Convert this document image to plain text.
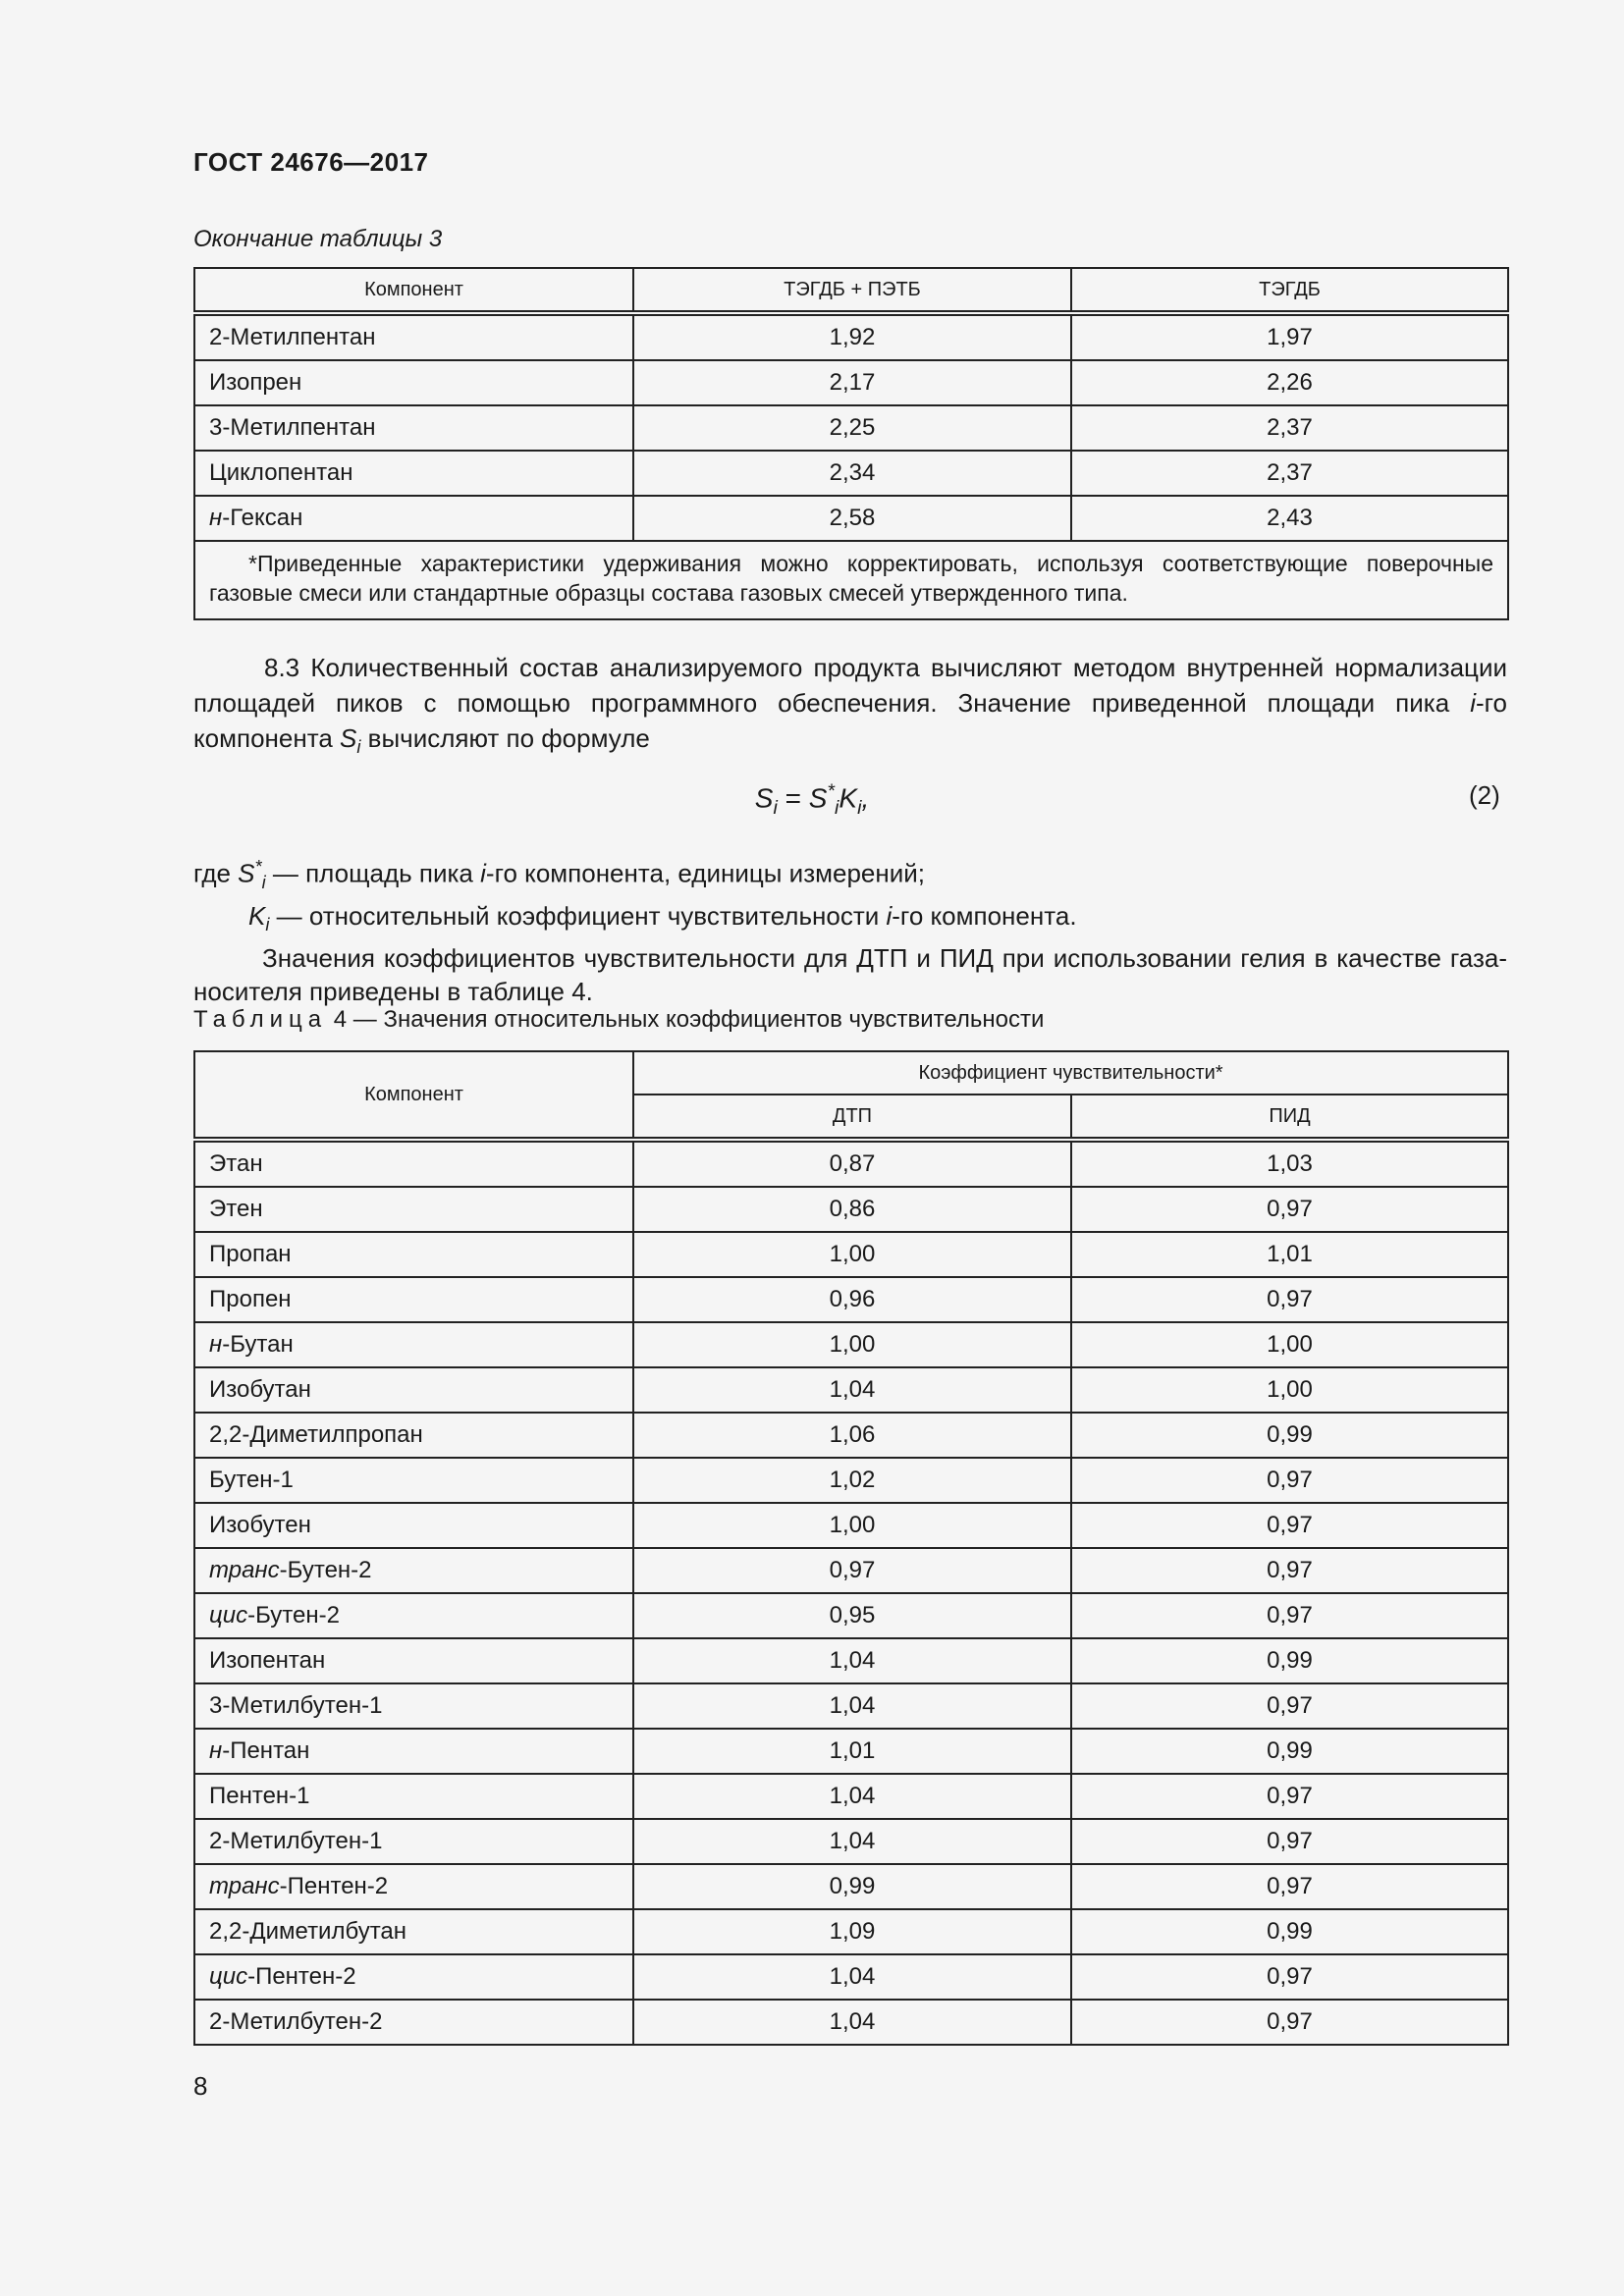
ГОСТ 24676—2017
Окончание таблицы 3
Компонент	ТЭГДБ + ПЭТБ	ТЭГДБ
2-Метилпентан	1,92	1,97
Изопрен	2,17	2,26
3-Метилпентан	2,25	2,37
Циклопентан	2,34	2,37
н-Гексан	2,58	2,43
*Приведенные характеристики удерживания можно корректировать, используя соответствующие поверочные газовые смеси или стандартные образцы состава газовых смесей утвержденного типа.		
8.3 Количественный состав анализируемого продукта вычисляют методом внутренней нормализации площадей пиков с помощью программного обеспечения. Значение приведенной площади пика i-го компонента $S_i$ вычисляют по формуле
$S_i = S^*_iK_i$,	(2)
где $S^*_i$ — площадь пика i-го компонента, единицы измерений;
$K_i$ — относительный коэффициент чувствительности i-го компонента.
Значения коэффициентов чувствительности для ДТП и ПИД при использовании гелия в качестве газа-носителя приведены в таблице 4.
Таблица 4 — Значения относительных коэффициентов чувствительности
Компонент	Коэффициент чувствительности*	
	ДТП	ПИД
Этан	0,87	1,03
Этен	0,86	0,97
Пропан	1,00	1,01
Пропен	0,96	0,97
н-Бутан	1,00	1,00
Изобутан	1,04	1,00
2,2-Диметилпропан	1,06	0,99
Бутен-1	1,02	0,97
Изобутен	1,00	0,97
транс-Бутен-2	0,97	0,97
цис-Бутен-2	0,95	0,97
Изопентан	1,04	0,99
3-Метилбутен-1	1,04	0,97
н-Пентан	1,01	0,99
Пентен-1	1,04	0,97
2-Метилбутен-1	1,04	0,97
транс-Пентен-2	0,99	0,97
2,2-Диметилбутан	1,09	0,99
цис-Пентен-2	1,04	0,97
2-Метилбутен-2	1,04	0,97
8
